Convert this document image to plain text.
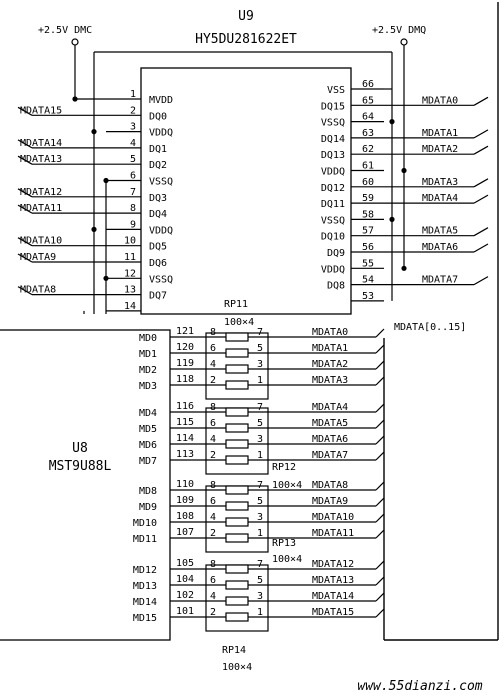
U9
HY5DU281622ET
+2.5V DMC	+2.5V DMQ
1
MVDD
2
DQ0
MDATA15
3
VDDQ
4
DQ1
MDATA14
5
DQ2
MDATA13
6
VSSQ
7
DQ3
MDATA12
8
DQ4
MDATA11
9
VDDQ
10
DQ5
MDATA10
11
DQ6
MDATA9
12
VSSQ
13
DQ7
MDATA8
14
66
VSS
65
DQ15
MDATA0
64
VSSQ
63
DQ14
MDATA1
62
DQ13
MDATA2
61
VDDQ
60
DQ12
MDATA3
59
DQ11
MDATA4
58
VSSQ
57
DQ10
MDATA5
56
DQ9
MDATA6
55
VDDQ
54
DQ8
MDATA7
53
MDATA[0..15]
U8
MST9U88L
RP11
100×4
8	7
121
MD0
MDATA0
6	5
120
MD1
MDATA1
4	3
119
MD2
MDATA2
2	1
118
MD3
MDATA3
RP12
100×4
8	7
116
MD4
MDATA4
6	5
115
MD5
MDATA5
4	3
114
MD6
MDATA6
2	1
113
MD7
MDATA7
RP13
100×4
8	7
110
MD8
MDATA8
6	5
109
MD9
MDATA9
4	3
108
MD10
MDATA10
2	1
107
MD11
MDATA11
RP14
100×4
8	7
105
MD12
MDATA12
6	5
104
MD13
MDATA13
4	3
102
MD14
MDATA14
2	1
101
MD15
MDATA15
www.55dianzi.com
